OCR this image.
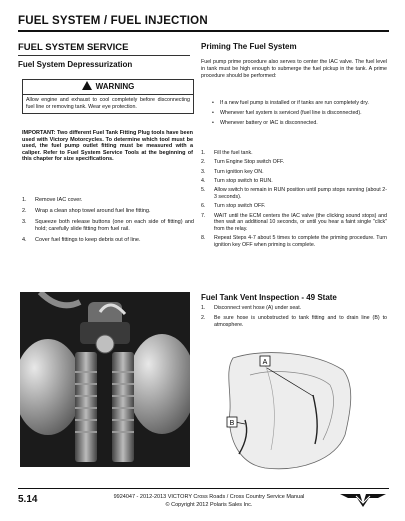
FUEL SYSTEM / FUEL INJECTION
FUEL SYSTEM SERVICE
Fuel System Depressurization
WARNING
Allow engine and exhaust to cool completely before disconnecting fuel line or removing tank. Wear eye protection.
IMPORTANT: Two different Fuel Tank Fitting Plug tools have been used with Victory Motorcycles. To determine which tool must be used, the fuel pump outlet fitting must be measured with a caliper. Refer to Fuel System Service Tools at the beginning of this chapter for size specifications.
1.	Remove IAC cover.
2.	Wrap a clean shop towel around fuel line fitting.
3.	Squeeze both release buttons (one on each side of fitting) and hold; carefully slide fitting from fuel rail.
4.	Cover fuel fittings to keep debris out of line.
Priming The Fuel System
Fuel pump prime procedure also serves to center the IAC valve. The fuel level in tank must be high enough to submerge the fuel pickup in the tank. A prime procedure should be performed:
•	If a new fuel pump is installed or if tanks are run completely dry.
•	Whenever fuel system is serviced (fuel line is disconnected).
•	Whenever battery or IAC is disconnected.
1.	Fill the fuel tank.
2.	Turn Engine Stop switch OFF.
3.	Turn ignition key ON.
4.	Turn stop switch to RUN.
5.	Allow switch to remain in RUN position until pump stops running (about 2-3 seconds).
6.	Turn stop switch OFF.
7.	WAIT until the ECM centers the IAC valve (the clicking sound stops) and then wait an additional 10 seconds, or until you hear a faint single "click" from the relay.
8.	Repeat Steps 4-7 about 5 times to complete the priming procedure. Turn ignition key OFF when priming is complete.
Fuel Tank Vent Inspection - 49 State
1.	Disconnect vent hose (A) under seat.
2.	Be sure hose is unobstructed to tank fitting and to drain line (B) to atmosphere.
A
B
5.14	9924047 - 2012-2013 VICTORY Cross Roads / Cross Country Service Manual
© Copyright 2012 Polaris Sales Inc.
